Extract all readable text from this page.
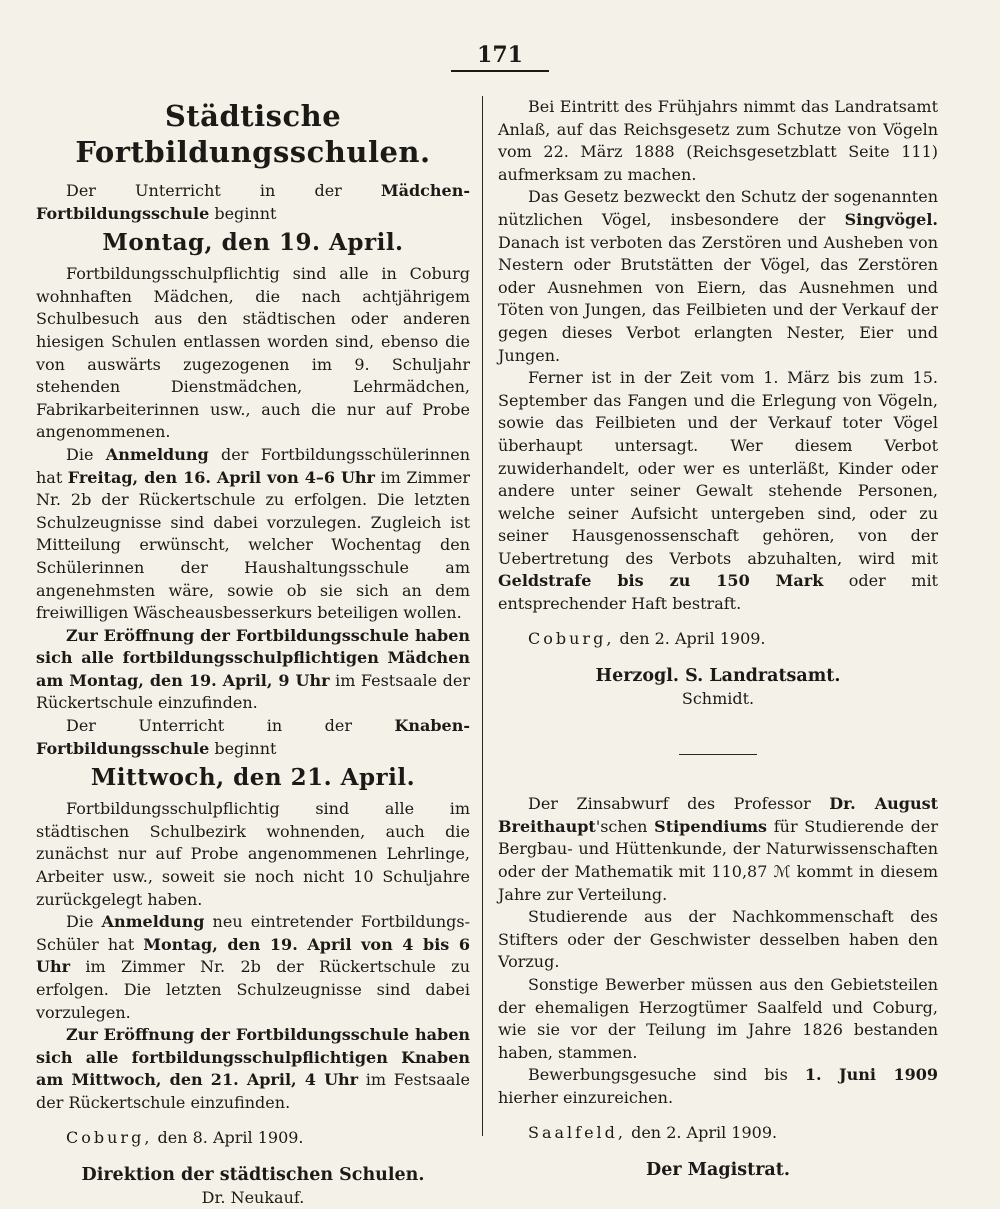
171
Städtische Fortbildungsschulen.

Der Unterricht in der Mädchen-Fortbildungsschule beginnt

Montag, den 19. April.

Fortbildungsschulpflichtig sind alle in Coburg wohnhaften Mädchen, die nach achtjährigem Schulbesuch aus den städtischen oder anderen hiesigen Schulen entlassen worden sind, ebenso die von auswärts zugezogenen im 9. Schuljahr stehenden Dienstmädchen, Lehrmädchen, Fabrikarbeiterinnen usw., auch die nur auf Probe angenommenen.

Die Anmeldung der Fortbildungsschülerinnen hat Freitag, den 16. April von 4–6 Uhr im Zimmer Nr. 2b der Rückertschule zu erfolgen. Die letzten Schulzeugnisse sind dabei vorzulegen. Zugleich ist Mitteilung erwünscht, welcher Wochentag den Schülerinnen der Haushaltungsschule am angenehmsten wäre, sowie ob sie sich an dem freiwilligen Wäscheausbesserkurs beteiligen wollen.

Zur Eröffnung der Fortbildungsschule haben sich alle fortbildungsschulpflichtigen Mädchen am Montag, den 19. April, 9 Uhr im Festsaale der Rückertschule einzufinden.

Der Unterricht in der Knaben-Fortbildungsschule beginnt

Mittwoch, den 21. April.

Fortbildungsschulpflichtig sind alle im städtischen Schulbezirk wohnenden, auch die zunächst nur auf Probe angenommenen Lehrlinge, Arbeiter usw., soweit sie noch nicht 10 Schuljahre zurückgelegt haben.

Die Anmeldung neu eintretender Fortbildungs-Schüler hat Montag, den 19. April von 4 bis 6 Uhr im Zimmer Nr. 2b der Rückertschule zu erfolgen. Die letzten Schulzeugnisse sind dabei vorzulegen.

Zur Eröffnung der Fortbildungsschule haben sich alle fortbildungsschulpflichtigen Knaben am Mittwoch, den 21. April, 4 Uhr im Festsaale der Rückertschule einzufinden.

Coburg, den 8. April 1909.
Direktion der städtischen Schulen.
Dr. Neukauf.

Bei Eintritt des Frühjahrs nimmt das Landratsamt Anlaß, auf das Reichsgesetz zum Schutze von Vögeln vom 22. März 1888 (Reichsgesetzblatt Seite 111) aufmerksam zu machen.

Das Gesetz bezweckt den Schutz der sogenannten nützlichen Vögel, insbesondere der Singvögel. Danach ist verboten das Zerstören und Ausheben von Nestern oder Brutstätten der Vögel, das Zerstören oder Ausnehmen von Eiern, das Ausnehmen und Töten von Jungen, das Feilbieten und der Verkauf der gegen dieses Verbot erlangten Nester, Eier und Jungen.

Ferner ist in der Zeit vom 1. März bis zum 15. September das Fangen und die Erlegung von Vögeln, sowie das Feilbieten und der Verkauf toter Vögel überhaupt untersagt. Wer diesem Verbot zuwiderhandelt, oder wer es unterläßt, Kinder oder andere unter seiner Gewalt stehende Personen, welche seiner Aufsicht untergeben sind, oder zu seiner Hausgenossenschaft gehören, von der Uebertretung des Verbots abzuhalten, wird mit Geldstrafe bis zu 150 Mark oder mit entsprechender Haft bestraft.

Coburg, den 2. April 1909.
Herzogl. S. Landratsamt.
Schmidt.

Der Zinsabwurf des Professor Dr. August Breithaupt'schen Stipendiums für Studierende der Bergbau- und Hüttenkunde, der Naturwissenschaften oder der Mathematik mit 110,87 ℳ kommt in diesem Jahre zur Verteilung.

Studierende aus der Nachkommenschaft des Stifters oder der Geschwister desselben haben den Vorzug.

Sonstige Bewerber müssen aus den Gebietsteilen der ehemaligen Herzogtümer Saalfeld und Coburg, wie sie vor der Teilung im Jahre 1826 bestanden haben, stammen.

Bewerbungsgesuche sind bis 1. Juni 1909 hierher einzureichen.

Saalfeld, den 2. April 1909.
Der Magistrat.
